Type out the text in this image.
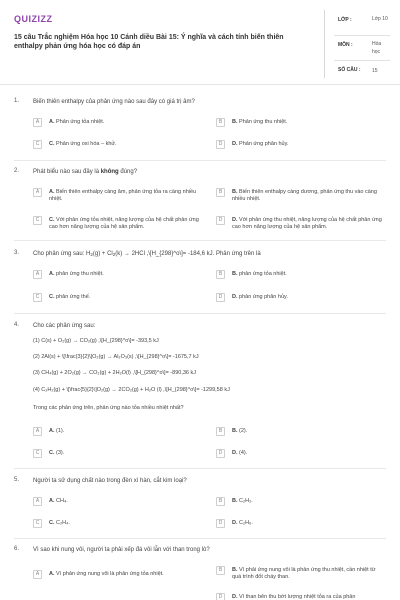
QUIZIZZ
15 câu Trắc nghiệm Hóa học 10 Cánh diều Bài 15: Ý nghĩa và cách tính biến thiên enthalpy phản ứng hóa học có đáp án
LỚP :	Lớp 10
MÔN :	Hóa học
SỐ CÂU : 15
1. Biến thiên enthalpy của phản ứng nào sau đây có giá trị âm?
A	A. Phản ứng tỏa nhiệt.	B	B. Phản ứng thu nhiệt.
C	C. Phản ứng oxi hóa – khử.	D	D. Phản ứng phân hủy.
2. Phát biểu nào sau đây là không đúng?
A	A. Biến thiên enthalpy càng âm, phản ứng tỏa ra càng nhiều nhiệt.
B	B. Biến thiên enthalpy càng dương, phản ứng thu vào càng nhiều nhiệt.
C	C. Với phản ứng tỏa nhiệt, năng lượng của hệ chất phản ứng cao hơn năng lượng của hệ sản phẩm.
D	D. Với phản ứng thu nhiệt, năng lượng của hệ chất phản ứng cao hơn năng lượng của hệ sản phẩm.
3. Cho phản ứng sau: $H_2(g) + Cl_2(k) \to 2HCl$ ,\[H_{298}^o\]= -184,6 kJ. Phản ứng trên là
A	A. phản ứng thu nhiệt.	B	B. phản ứng tỏa nhiệt.
C	C. phản ứng thế.	D	D. phản ứng phân hủy.
4. Cho các phản ứng sau:
(1) C(s) + O₂(g) → CO₂(g) ,\[H_{298}^o\]= -393,5 kJ
(2) 2Al(s) + \[\frac{3}{2}\]O₂(g) → Al₂O₃(s) ,\[H_{298}^o\]= -1675,7 kJ
(3) CH₄(g) + 2O₂(g) → CO₂(g) + 2H₂O(l) ,\[H_{298}^o\]= -890,36 kJ
(4) C₂H₂(g) + \[\frac{5}{2}\]O₂(g) → 2CO₂(g) + H₂O (l) ,\[H_{298}^o\]= -1299,58 kJ
Trong các phản ứng trên, phản ứng nào tỏa nhiều nhiệt nhất?
A	A. (1).	B	B. (2).
C	C. (3).	D	D. (4).
5. Người ta sử dụng chất nào trong đèn xì hàn, cắt kim loại?
A	A. CH₄.	B	B. C₂H₂.
C	C. C₂H₄.	D	D. C₂H₆.
6. Vì sao khi nung vôi, người ta phải xếp đá vôi lẫn với than trong lò?
A	A. Vì phản ứng nung vôi là phản ứng tỏa nhiệt.
B	B. Vì phải ứng nung vôi là phản ứng thu nhiệt, cần nhiệt từ quá trình đốt cháy than.
D	D. Vì than bên thu bớt lượng nhiệt tỏa ra của phản
